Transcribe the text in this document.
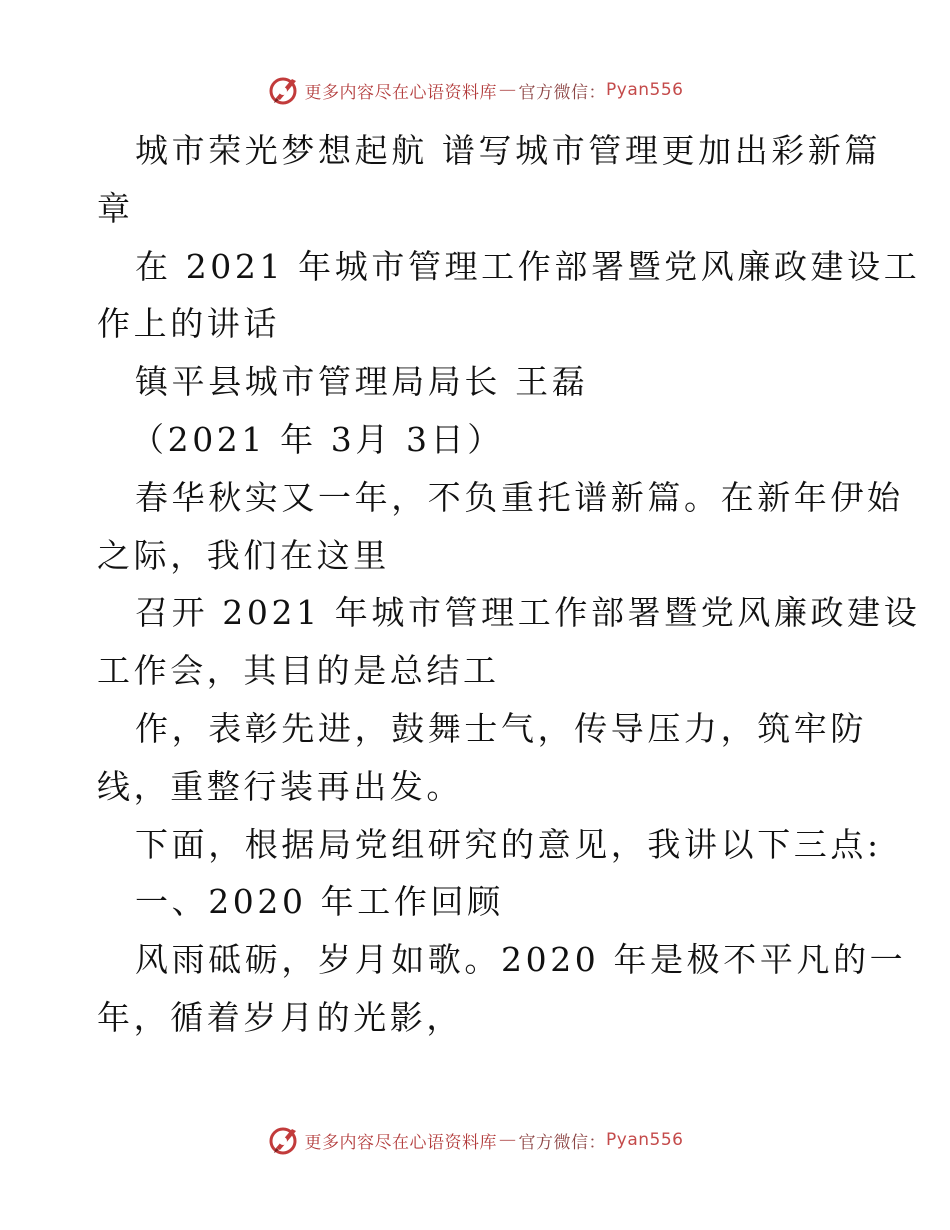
更多内容尽在心语资料库 — 官方微信： Pyan556
城市荣光梦想起航 谱写城市管理更加出彩新篇
章
在 2021 年城市管理工作部署暨党风廉政建设工
作上的讲话
镇平县城市管理局局长 王磊
（2021 年 3月 3日）
春华秋实又一年，不负重托谱新篇。在新年伊始
之际，我们在这里
召开 2021 年城市管理工作部署暨党风廉政建设
工作会，其目的是总结工
作，表彰先进，鼓舞士气，传导压力，筑牢防
线，重整行装再出发。
下面，根据局党组研究的意见，我讲以下三点:
一、2020 年工作回顾
风雨砥砺，岁月如歌。2020 年是极不平凡的一
年，循着岁月的光影，
更多内容尽在心语资料库 — 官方微信： Pyan556
